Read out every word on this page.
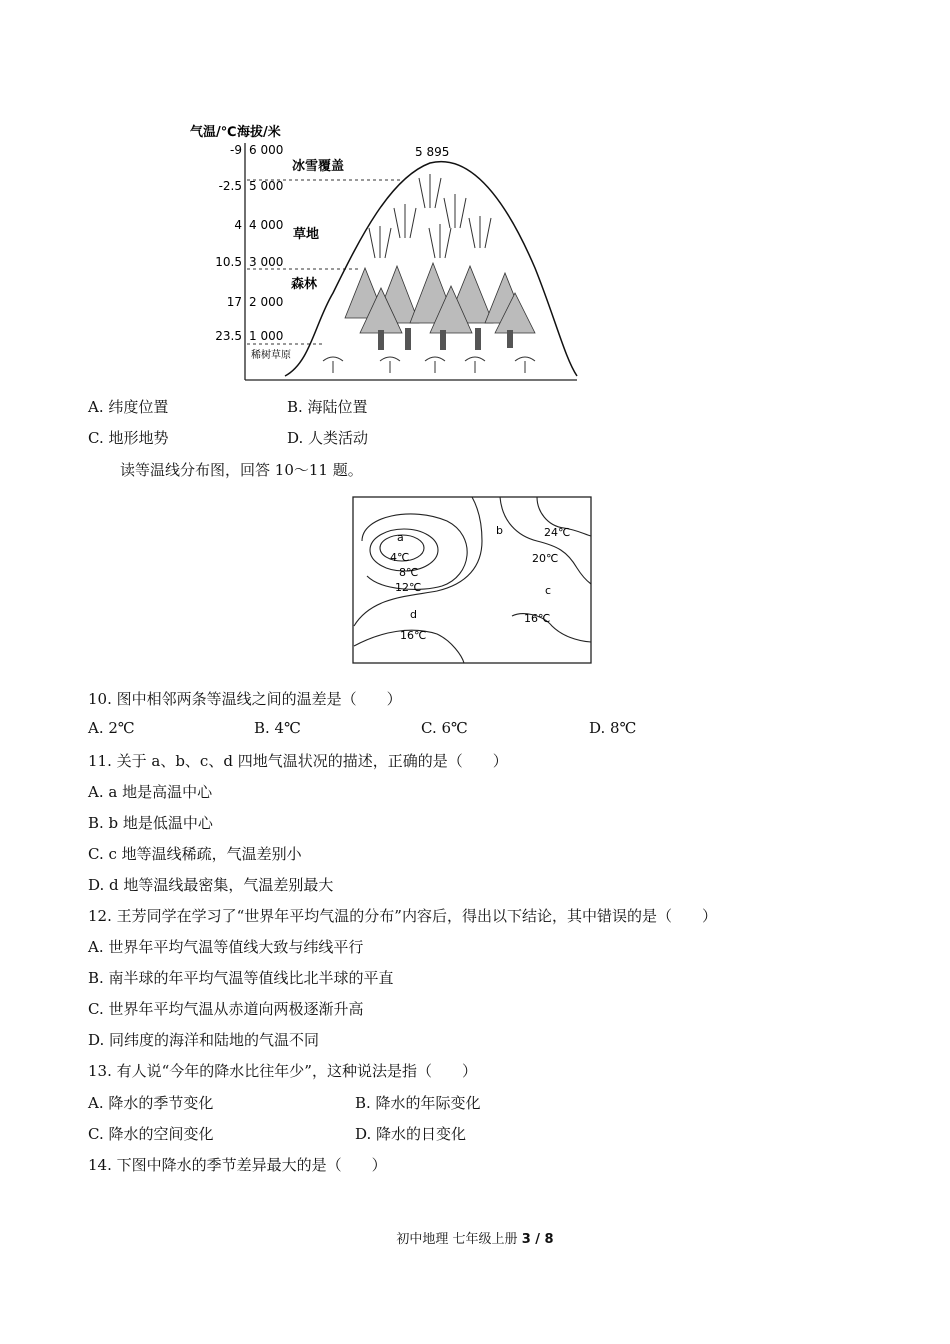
气温/℃ 海拔/米
-9
-2.5
4
10.5
17
23.5
6 000
5 000
4 000
3 000
2 000
1 000
5 895
冰雪覆盖
草地
森林
稀树草原
A. 纬度位置	B. 海陆位置
C. 地形地势	D. 人类活动
读等温线分布图，回答 10～11 题。
a
4℃
8℃
12℃
b	24℃
20℃
c
16℃
d
16℃
10. 图中相邻两条等温线之间的温差是（　　）
A. 2℃	B. 4℃	C. 6℃	D. 8℃
11. 关于 a、b、c、d 四地气温状况的描述，正确的是（　　）
A. a 地是高温中心
B. b 地是低温中心
C. c 地等温线稀疏，气温差别小
D. d 地等温线最密集，气温差别最大
12. 王芳同学在学习了“世界年平均气温的分布”内容后，得出以下结论，其中错误的是（　　）
A. 世界年平均气温等值线大致与纬线平行
B. 南半球的年平均气温等值线比北半球的平直
C. 世界年平均气温从赤道向两极逐渐升高
D. 同纬度的海洋和陆地的气温不同
13. 有人说“今年的降水比往年少”，这种说法是指（　　）
A. 降水的季节变化	B. 降水的年际变化
C. 降水的空间变化	D. 降水的日变化
14. 下图中降水的季节差异最大的是（　　）
初中地理 七年级上册 3 / 8
